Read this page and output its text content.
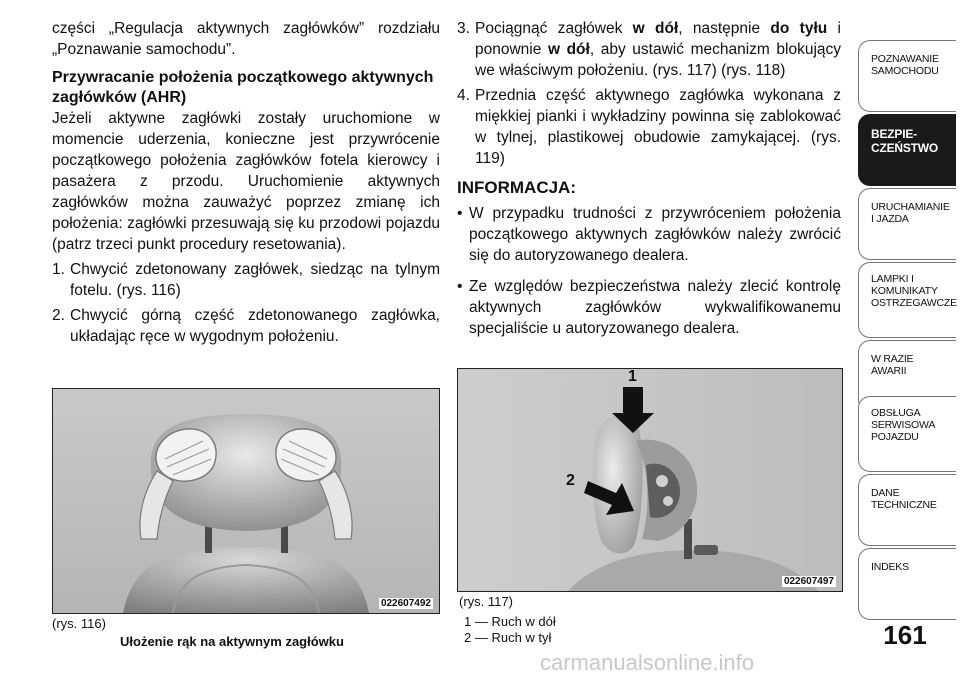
części „Regulacja aktywnych zagłówków” rozdziału „Poznawanie samochodu”.

Przywracanie położenia początkowego aktywnych zagłówków (AHR)

Jeżeli aktywne zagłówki zostały uruchomione w momencie uderzenia, konieczne jest przywrócenie początkowego położenia zagłówków fotela kierowcy i pasażera z przodu. Uruchomienie aktywnych zagłówków można zauważyć poprzez zmianę ich położenia: zagłówki przesuwają się ku przodowi pojazdu (patrz trzeci punkt procedury resetowania).

1. Chwycić zdetonowany zagłówek, siedząc na tylnym fotelu. (rys. 116)
2. Chwycić górną część zdetonowanego zagłówka, układając ręce w wygodnym położeniu.
3. Pociągnąć zagłówek w dół, następnie do tyłu i ponownie w dół, aby ustawić mechanizm blokujący we właściwym położeniu. (rys. 117) (rys. 118)
4. Przednia część aktywnego zagłówka wykonana z miękkiej pianki i wykładziny powinna się zablokować w tylnej, plastikowej obudowie zamykającej. (rys. 119)

INFORMACJA:

• W przypadku trudności z przywróceniem położenia początkowego aktywnych zagłówków należy zwrócić się do autoryzowanego dealera.
• Ze względów bezpieczeństwa należy zlecić kontrolę aktywnych zagłówków wykwalifikowanemu specjaliście u autoryzowanego dealera.
022607492
(rys. 116)
Ułożenie rąk na aktywnym zagłówku
1
2
022607497
(rys. 117)
1 — Ruch w dół
2 — Ruch w tył
POZNAWANIE
SAMOCHODU
BEZPIE-
CZEŃSTWO
URUCHAMIANIE
I JAZDA
LAMPKI I
KOMUNIKATY
OSTRZEGAWCZE
W RAZIE
AWARII
OBSŁUGA
SERWISOWA
POJAZDU
DANE
TECHNICZNE
INDEKS
161
carmanualsonline.info
